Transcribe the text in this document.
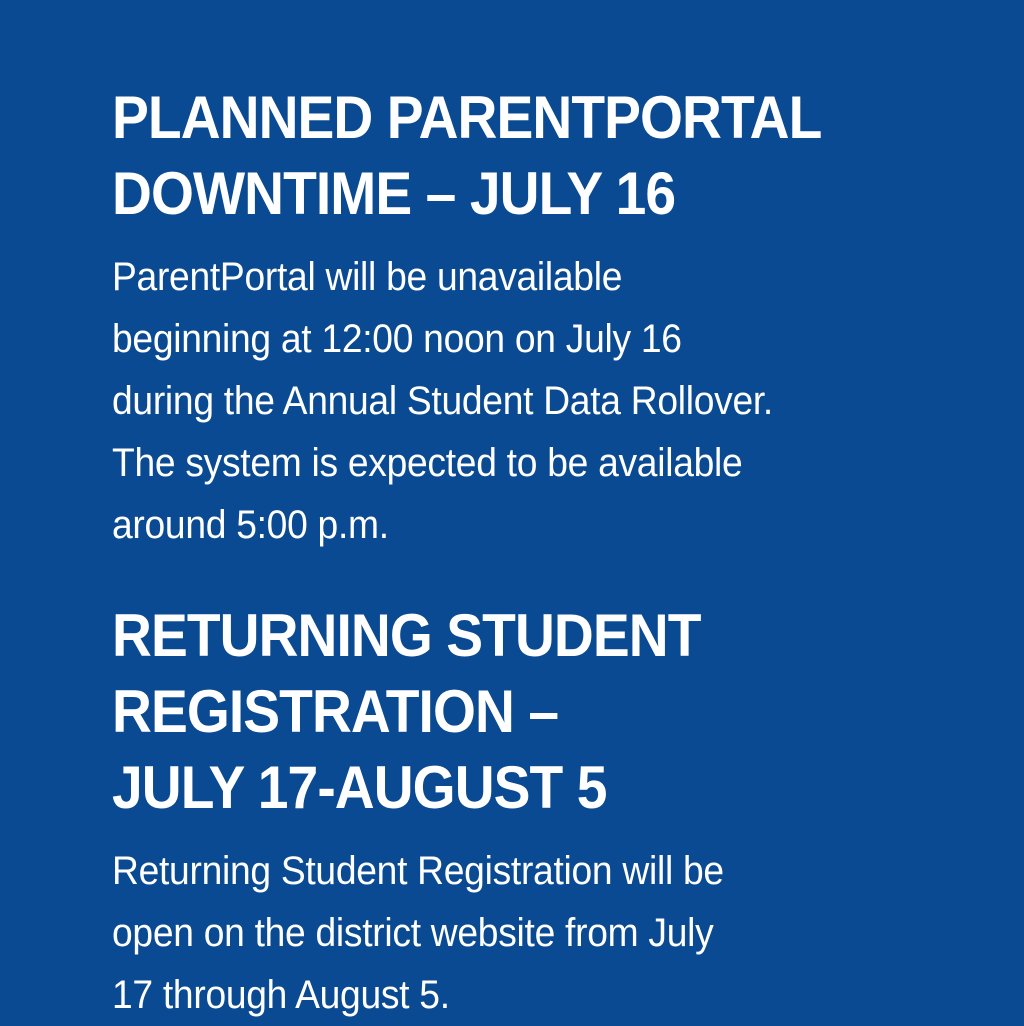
PLANNED PARENTPORTAL
DOWNTIME – JULY 16

ParentPortal will be unavailable
beginning at 12:00 noon on July 16
during the Annual Student Data Rollover.
The system is expected to be available
around 5:00 p.m.

RETURNING STUDENT
REGISTRATION –
JULY 17-AUGUST 5

Returning Student Registration will be
open on the district website from July
17 through August 5.
